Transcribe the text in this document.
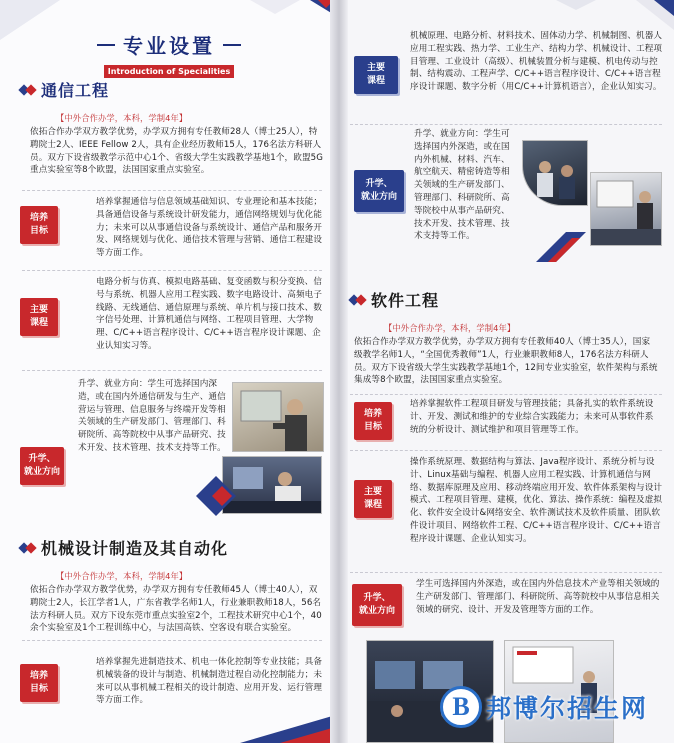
专业设置
Introduction of Specialities
通信工程
【中外合作办学，本科，学制4年】
依拓合作办学双方教学优势，办学双方拥有专任教师28人（博士25人），特聘院士2人、IEEE Fellow 2人，具有企业经历教师15人，176名法方科研人员。双方下设省级教学示范中心1个、省级大学生实践教学基地1个，欧盟5G重点实验室等8个欧盟，法国国家重点实验室。
培养
目标
培养掌握通信与信息领域基础知识、专业理论和基本技能；具备通信设备与系统设计研发能力，通信网络规划与优化能力；未来可以从事通信设备与系统设计、通信产品和服务开发、网络规划与优化、通信技术管理与营销、通信工程建设等方面工作。
主要
课程
电路分析与仿真、模拟电路基础、复变函数与积分变换、信号与系统、机器人应用工程实践、数字电路设计、高频电子线路、无线通信、通信原理与系统、单片机与接口技术、数字信号处理、计算机通信与网络、工程项目管理、大学物理、C/C++语言程序设计、C/C++语言程序设计课题、企业认知实习等。
升学、
就业方向
升学、就业方向：学生可选择国内深造，或在国内外通信研发与生产、通信营运与管理、信息服务与终端开发等相关领域的生产研发部门、管理部门、科研院所、高等院校中从事产品研究、技术开发、技术管理、技术支持等工作。
机械设计制造及其自动化
【中外合作办学，本科，学制4年】
依拓合作办学双方教学优势，办学双方拥有专任教师45人（博士40人），双聘院士2人，长江学者1人，广东省教学名师1人，行业兼职教师18人，56名法方科研人员。双方下设东莞市重点实验室2个，工程技术研究中心1个，40余个实验室及1个工程训练中心，与法国高铁、空客设有联合实验室。
培养
目标
培养掌握先进制造技术、机电一体化控制等专业技能；具备机械装备的设计与制造、机械制造过程自动化控制能力；未来可以从事机械工程相关的设计制造、应用开发、运行管理等方面工作。
主要
课程
机械原理、电路分析、材料技术、固体动力学、机械制图、机器人应用工程实践、热力学、工业生产、结构力学、机械设计、工程项目管理、工业设计（高级）、机械装置分析与建模、机电传动与控制、结构震动、工程声学、C/C++语言程序设计、C/C++语言程序设计课题、数字分析（用C/C++计算机语言），企业认知实习。
升学、
就业方向
升学、就业方向：学生可选择国内外深造，或在国内外机械、材料、汽车、航空航天、精密铸造等相关领域的生产研发部门、管理部门、科研院所、高等院校中从事产品研究、技术开发、技术管理、技术支持等工作。
软件工程
【中外合作办学，本科，学制4年】
依拓合作办学双方教学优势，办学双方拥有专任教师40人（博士35人），国家级教学名师1人，“全国优秀教师”1人，行业兼职教师8人，176名法方科研人员。双方下设省级大学生实践教学基地1个，12间专业实验室，软件架构与系统集成等8个欧盟，法国国家重点实验室。
培养
目标
培养掌握软件工程项目研发与管理技能；具备扎实的软件系统设计、开发、测试和维护的专业综合实践能力；未来可从事软件系统的分析设计、测试维护和项目管理等工作。
主要
课程
操作系统原理、数据结构与算法、Java程序设计、系统分析与设计、Linux基础与编程、机器人应用工程实践、计算机通信与网络、数据库原理及应用、移动终端应用开发、软件体系架构与设计模式、工程项目管理、建模，优化、算法、操作系统：编程及虚拟化、软件安全设计&网络安全、软件测试技术及软件质量、团队软件设计项目、网络软件工程、C/C++语言程序设计、C/C++语言程序设计课题、企业认知实习。
升学、
就业方向
学生可选择国内外深造，或在国内外信息技术产业等相关领域的生产研发部门、管理部门、科研院所、高等院校中从事信息相关领域的研究、设计、开发及管理等方面的工作。
B 邦博尔招生网
